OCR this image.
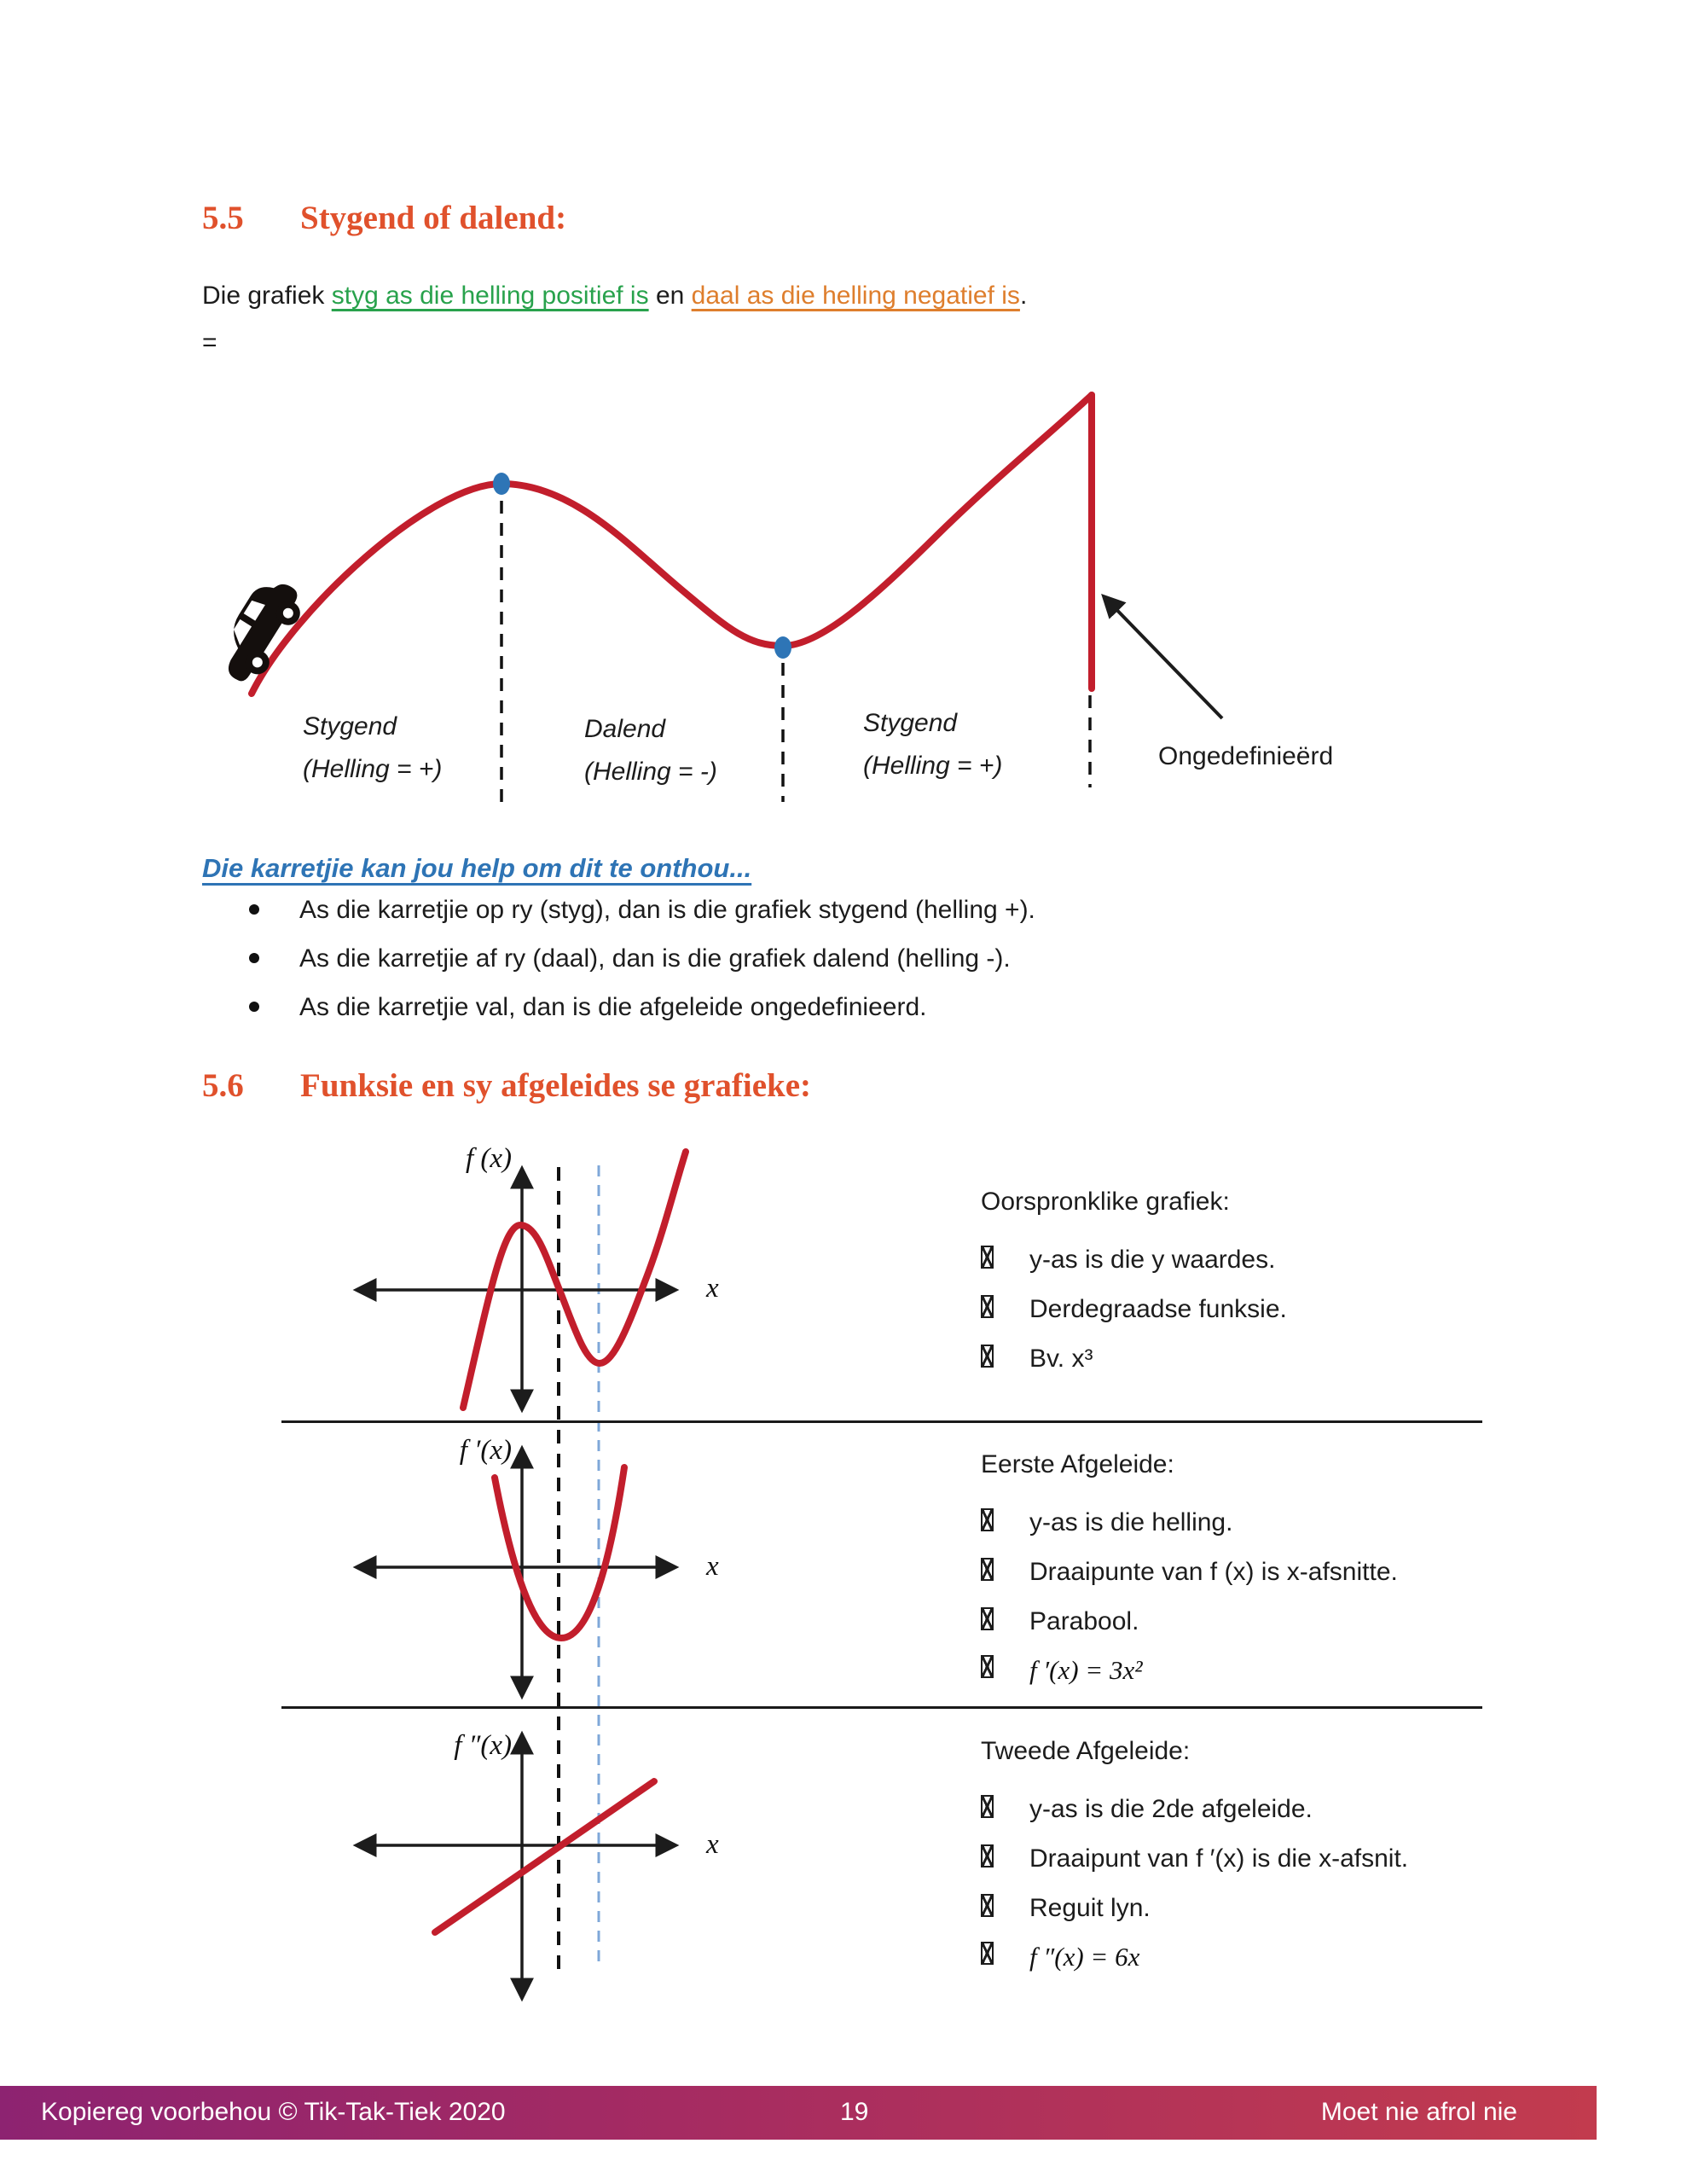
5.5 Stygend of dalend:
Die grafiek styg as die helling positief is en daal as die helling negatief is.
=
Stygend
(Helling = +)
Dalend
(Helling = -)
Stygend
(Helling = +)	Ongedefinieërd
Die karretjie kan jou help om dit te onthou...
As die karretjie op ry (styg), dan is die grafiek stygend (helling +).
As die karretjie af ry (daal), dan is die grafiek dalend (helling -).
As die karretjie val, dan is die afgeleide ongedefinieerd.
5.6 Funksie en sy afgeleides se grafieke:
f (x)
x
f ′(x)
x
f ″(x)
x
Oorspronklike grafiek:
y-as is die y waardes.
Derdegraadse funksie.
Bv. x³
Eerste Afgeleide:
y-as is die helling.
Draaipunte van f (x) is x-afsnitte.
Parabool.
f ′(x) = 3x²
Tweede Afgeleide:
y-as is die 2de afgeleide.
Draaipunt van f ′(x) is die x-afsnit.
Reguit lyn.
f ″(x) = 6x
Kopiereg voorbehou © Tik-Tak-Tiek 2020	19	Moet nie afrol nie
